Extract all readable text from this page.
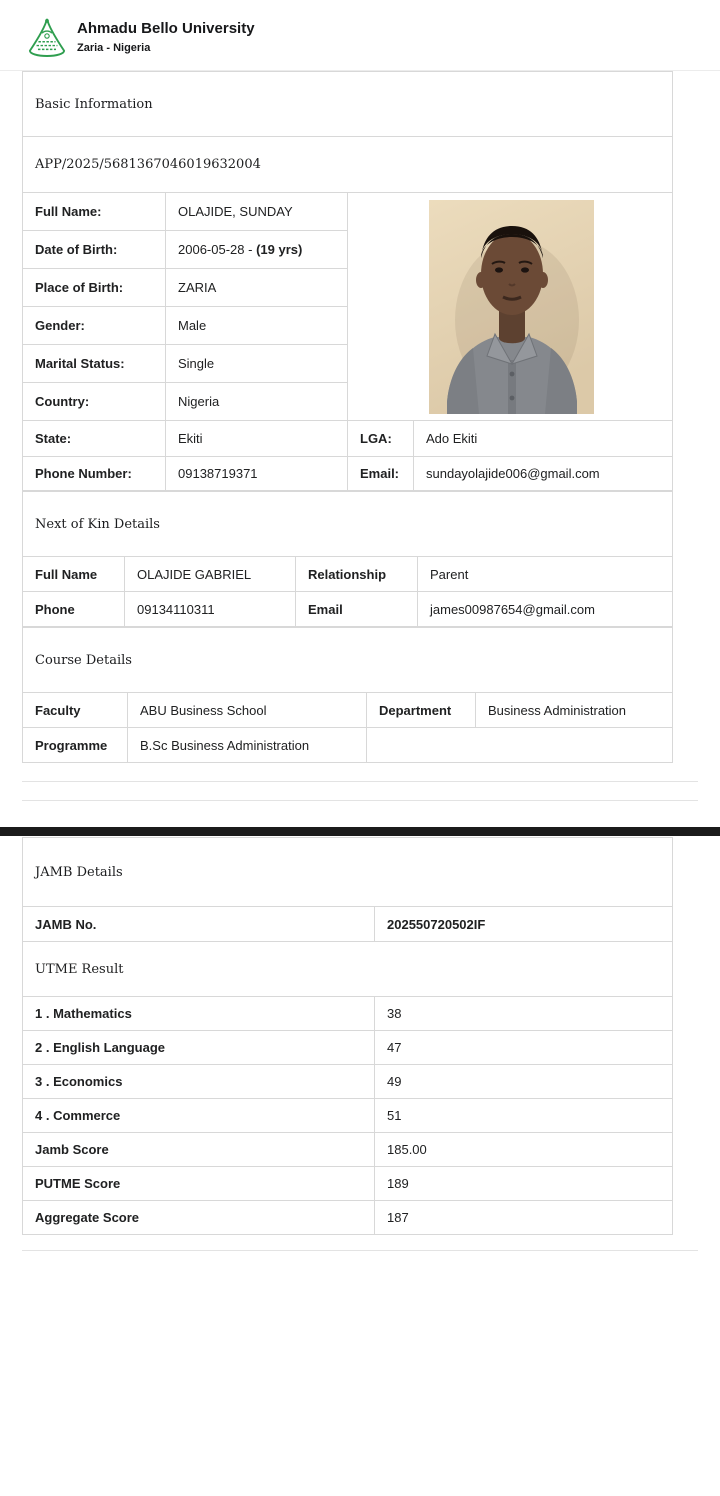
Ahmadu Bello University
Zaria - Nigeria
Basic Information			
APP/2025/5681367046019632004			
Full Name:	OLAJIDE, SUNDAY	
Date of Birth:	2006-05-28 - (19 yrs)		
Place of Birth:	ZARIA		
Gender:	Male		
Marital Status:	Single		
Country:	Nigeria		
State:	Ekiti	LGA:	Ado Ekiti
Phone Number:	09138719371	Email:	sundayolajide006@gmail.com
Next of Kin Details			
Full Name	OLAJIDE GABRIEL	Relationship	Parent
Phone	09134110311	Email	james00987654@gmail.com
Course Details			
Faculty	ABU Business School	Department	Business Administration
Programme	B.Sc Business Administration		
JAMB Details	
JAMB No.	202550720502IF
UTME Result	
1 . Mathematics	38
2 . English Language	47
3 . Economics	49
4 . Commerce	51
Jamb Score	185.00
PUTME Score	189
Aggregate Score	187
